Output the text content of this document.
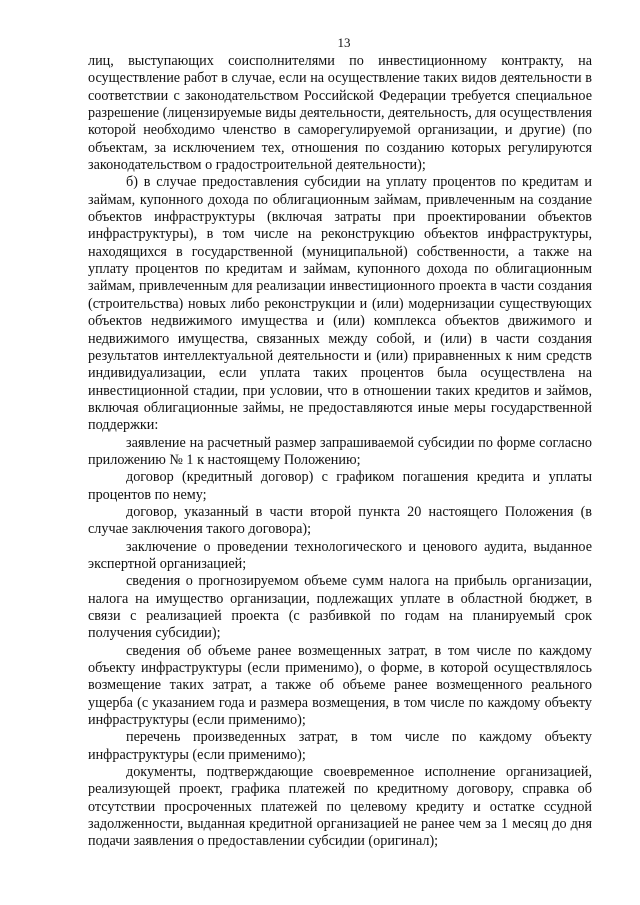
13

лиц, выступающих соисполнителями по инвестиционному контракту, на осуществление работ в случае, если на осуществление таких видов деятельности в соответствии с законодательством Российской Федерации требуется специальное разрешение (лицензируемые виды деятельности, деятельность, для осуществления которой необходимо членство в саморегулируемой организации, и другие) (по объектам, за исключением тех, отношения по созданию которых регулируются законодательством о градостроительной деятельности);

б) в случае предоставления субсидии на уплату процентов по кредитам и займам, купонного дохода по облигационным займам, привлеченным на создание объектов инфраструктуры (включая затраты при проектировании объектов инфраструктуры), в том числе на реконструкцию объектов инфраструктуры, находящихся в государственной (муниципальной) собственности, а также на уплату процентов по кредитам и займам, купонного дохода по облигационным займам, привлеченным для реализации инвестиционного проекта в части создания (строительства) новых либо реконструкции и (или) модернизации существующих объектов недвижимого имущества и (или) комплекса объектов движимого и недвижимого имущества, связанных между собой, и (или) в части создания результатов интеллектуальной деятельности и (или) приравненных к ним средств индивидуализации, если уплата таких процентов была осуществлена на инвестиционной стадии, при условии, что в отношении таких кредитов и займов, включая облигационные займы, не предоставляются иные меры государственной поддержки:

заявление на расчетный размер запрашиваемой субсидии по форме согласно приложению № 1 к настоящему Положению;

договор (кредитный договор) с графиком погашения кредита и уплаты процентов по нему;

договор, указанный в части второй пункта 20 настоящего Положения (в случае заключения такого договора);

заключение о проведении технологического и ценового аудита, выданное экспертной организацией;

сведения о прогнозируемом объеме сумм налога на прибыль организации, налога на имущество организации, подлежащих уплате в областной бюджет, в связи с реализацией проекта (с разбивкой по годам на планируемый срок получения субсидии);

сведения об объеме ранее возмещенных затрат, в том числе по каждому объекту инфраструктуры (если применимо), о форме, в которой осуществлялось возмещение таких затрат, а также об объеме ранее возмещенного реального ущерба (с указанием года и размера возмещения, в том числе по каждому объекту инфраструктуры (если применимо);

перечень произведенных затрат, в том числе по каждому объекту инфраструктуры (если применимо);

документы, подтверждающие своевременное исполнение организацией, реализующей проект, графика платежей по кредитному договору, справка об отсутствии просроченных платежей по целевому кредиту и остатке ссудной задолженности, выданная кредитной организацией не ранее чем за 1 месяц до дня подачи заявления о предоставлении субсидии (оригинал);
